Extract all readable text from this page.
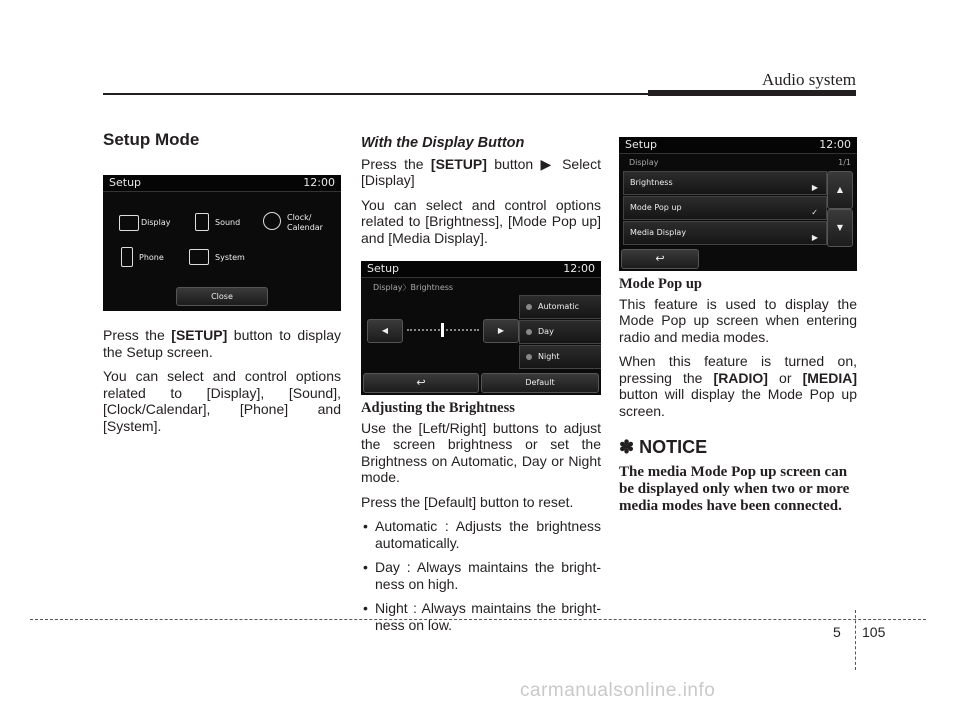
Audio system
Setup Mode
Setup	12:00
Display	Sound
Clock/
Calendar
Phone	System
Close

Press the [SETUP] button to display the Setup screen.

You can select and control options related to [Display], [Sound], [Clock/Calendar], [Phone] and [System].

With the Display Button

Press the [SETUP] button ▶ Select [Display]

You can select and control options related to [Brightness], [Mode Pop up] and [Media Display].

Setup	12:00
Display〉Brightness
◀	▶
Automatic
Day
Night
↩	Default
Adjusting the Brightness

Use the [Left/Right] buttons to adjust the screen brightness or set the Brightness on Automatic, Day or Night mode.

Press the [Default] button to reset.

• Automatic : Adjusts the brightness automatically.
• Day : Always maintains the bright-ness on high.
• Night : Always maintains the bright-ness on low.
Setup	12:00
Display	1/1
Brightness
▶
Mode Pop up
✓
Media Display
▶
▲
▼
↩
Mode Pop up

This feature is used to display the Mode Pop up screen when entering radio and media modes.

When this feature is turned on, pressing the [RADIO] or [MEDIA] button will display the Mode Pop up screen.

✽ NOTICE
The media Mode Pop up screen can be displayed only when two or more media modes have been connected.
5 105
carmanualsonline.info
